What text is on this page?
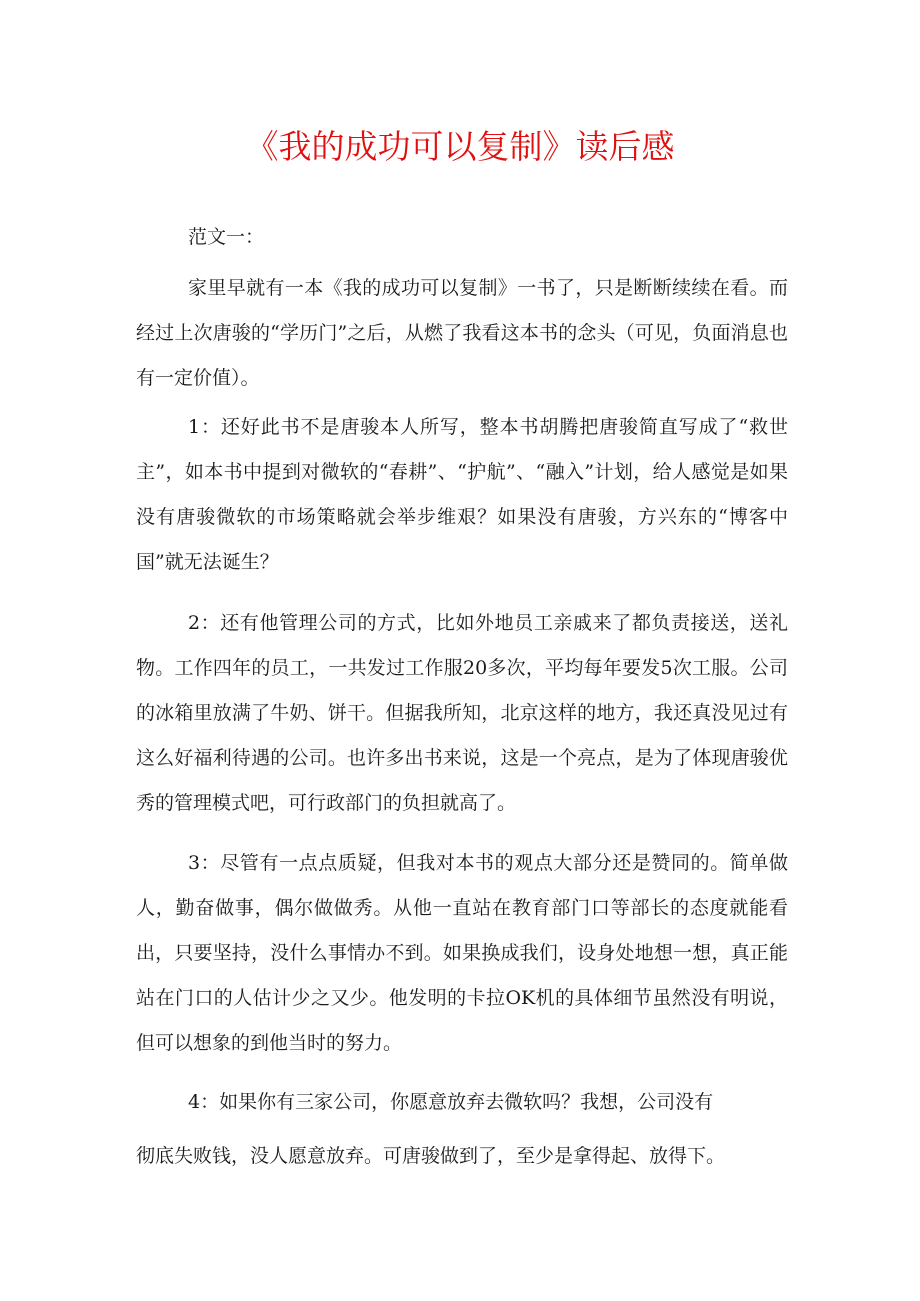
《我的成功可以复制》读后感

范文一：

家里早就有一本《我的成功可以复制》一书了，只是断断续续在看。而经过上次唐骏的“学历门”之后，从燃了我看这本书的念头（可见，负面消息也有一定价值）。

1：还好此书不是唐骏本人所写，整本书胡腾把唐骏简直写成了“救世主”，如本书中提到对微软的“春耕”、“护航”、“融入”计划，给人感觉是如果没有唐骏微软的市场策略就会举步维艰？如果没有唐骏，方兴东的“博客中国”就无法诞生？

2：还有他管理公司的方式，比如外地员工亲戚来了都负责接送，送礼物。工作四年的员工，一共发过工作服20多次，平均每年要发5次工服。公司的冰箱里放满了牛奶、饼干。但据我所知，北京这样的地方，我还真没见过有这么好福利待遇的公司。也许多出书来说，这是一个亮点，是为了体现唐骏优秀的管理模式吧，可行政部门的负担就高了。

3：尽管有一点点质疑，但我对本书的观点大部分还是赞同的。简单做人，勤奋做事，偶尔做做秀。从他一直站在教育部门口等部长的态度就能看出，只要坚持，没什么事情办不到。如果换成我们，设身处地想一想，真正能站在门口的人估计少之又少。他发明的卡拉OK机的具体细节虽然没有明说，但可以想象的到他当时的努力。

4：如果你有三家公司，你愿意放弃去微软吗？我想，公司没有

彻底失败钱，没人愿意放弃。可唐骏做到了，至少是拿得起、放得下。
